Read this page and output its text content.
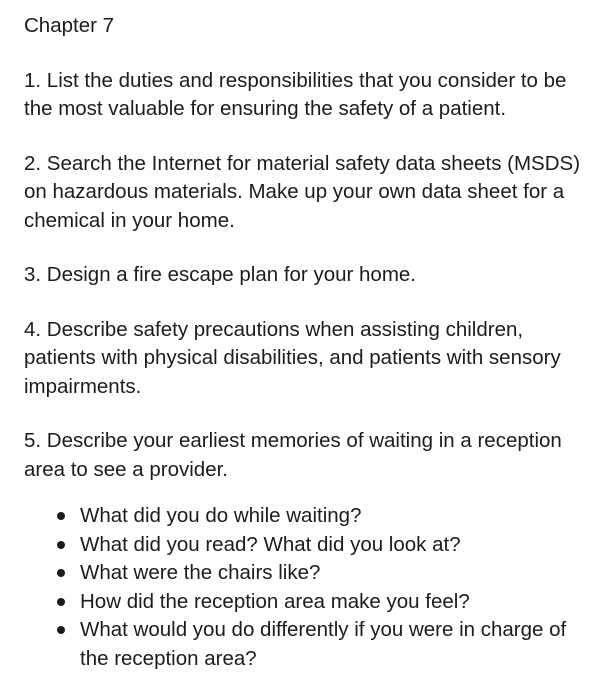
Chapter 7

1. List the duties and responsibilities that you consider to be the most valuable for ensuring the safety of a patient.

2. Search the Internet for material safety data sheets (MSDS) on hazardous materials. Make up your own data sheet for a chemical in your home.

3. Design a fire escape plan for your home.

4. Describe safety precautions when assisting children, patients with physical disabilities, and patients with sensory impairments.

5. Describe your earliest memories of waiting in a reception area to see a provider.

What did you do while waiting?
What did you read? What did you look at?
What were the chairs like?
How did the reception area make you feel?
What would you do differently if you were in charge of the reception area?
